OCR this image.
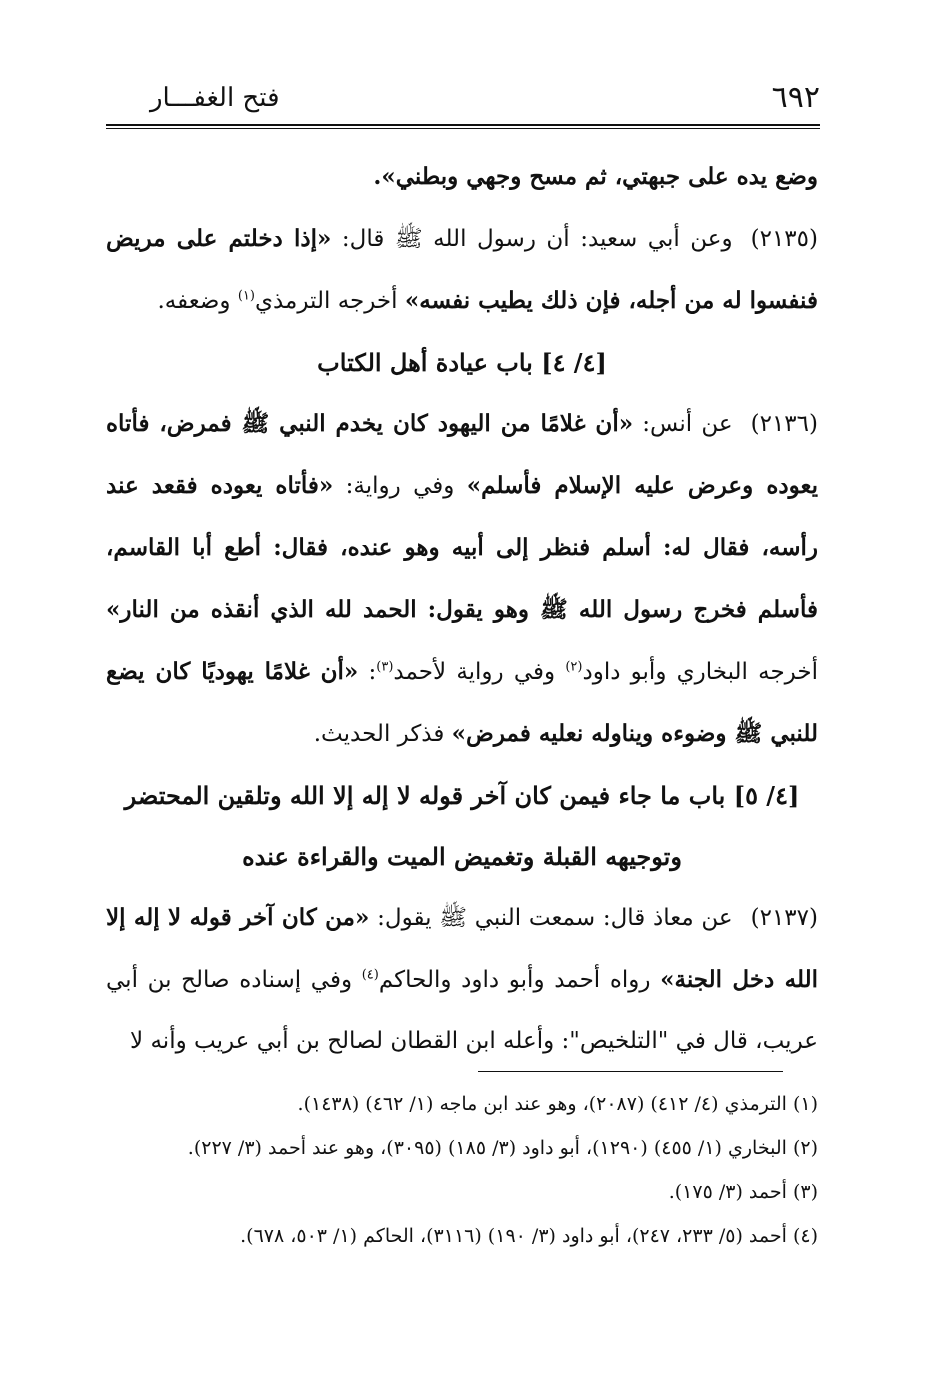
٦٩٢
فتح الغفـــار

وضع يده على جبهتي، ثم مسح وجهي وبطني».

(٢١٣٥)وعن أبي سعيد: أن رسول الله ﷺ قال: «إذا دخلتم على مريض فنفسوا له من أجله، فإن ذلك يطيب نفسه» أخرجه الترمذي$^{(١)}$ وضعفه.

[٤/ ٤] باب عيادة أهل الكتاب

(٢١٣٦)عن أنس: «أن غلامًا من اليهود كان يخدم النبي ﷺ فمرض، فأتاه يعوده وعرض عليه الإسلام فأسلم» وفي رواية: «فأتاه يعوده فقعد عند رأسه، فقال له: أسلم فنظر إلى أبيه وهو عنده، فقال: أطع أبا القاسم، فأسلم فخرج رسول الله ﷺ وهو يقول: الحمد لله الذي أنقذه من النار» أخرجه البخاري وأبو داود$^{(٢)}$ وفي رواية لأحمد$^{(٣)}$: «أن غلامًا يهوديًا كان يضع للنبي ﷺ وضوءه ويناوله نعليه فمرض» فذكر الحديث.

[٤/ ٥] باب ما جاء فيمن كان آخر قوله لا إله إلا الله وتلقين المحتضر

وتوجيهه القبلة وتغميض الميت والقراءة عنده

(٢١٣٧)عن معاذ قال: سمعت النبي ﷺ يقول: «من كان آخر قوله لا إله إلا الله دخل الجنة» رواه أحمد وأبو داود والحاكم$^{(٤)}$ وفي إسناده صالح بن أبي عريب، قال في "التلخيص": وأعله ابن القطان لصالح بن أبي عريب وأنه لا

(١) الترمذي (٤/ ٤١٢) (٢٠٨٧)، وهو عند ابن ماجه (١/ ٤٦٢) (١٤٣٨).

(٢) البخاري (١/ ٤٥٥) (١٢٩٠)، أبو داود (٣/ ١٨٥) (٣٠٩٥)، وهو عند أحمد (٣/ ٢٢٧).

(٣) أحمد (٣/ ١٧٥).

(٤) أحمد (٥/ ٢٣٣، ٢٤٧)، أبو داود (٣/ ١٩٠) (٣١١٦)، الحاكم (١/ ٥٠٣، ٦٧٨).
